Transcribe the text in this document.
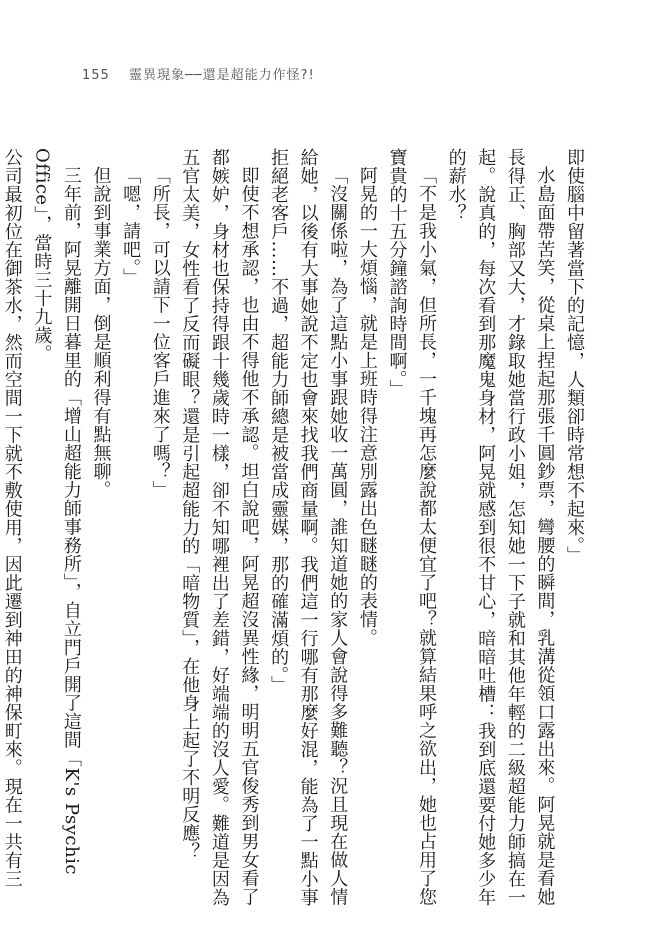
155 靈異現象──還是超能力作怪?!

即使腦中留著當下的記憶，人類卻時常想不起來。」

水島面帶苦笑，從桌上捏起那張千圓鈔票，彎腰的瞬間，乳溝從領口露出來。阿晃就是看她長得正、胸部又大，才錄取她當行政小姐，怎知她一下子就和其他年輕的二級超能力師搞在一起。說真的，每次看到那魔鬼身材，阿晃就感到很不甘心，暗暗吐槽：我到底還要付她多少年的薪水？

「不是我小氣，但所長，一千塊再怎麼說都太便宜了吧？就算結果呼之欲出，她也占用了您寶貴的十五分鐘諮詢時間啊。」

阿晃的一大煩惱，就是上班時得注意別露出色瞇瞇的表情。

「沒關係啦，為了這點小事跟她收一萬圓，誰知道她的家人會說得多難聽？況且現在做人情給她，以後有大事她說不定也會來找我們商量啊。我們這一行哪有那麼好混，能為了一點小事拒絕老客戶……不過，超能力師總是被當成靈媒，那的確滿煩的。」

即使不想承認，也由不得他不承認。坦白說吧，阿晃超沒異性緣，明明五官俊秀到男女看了都嫉妒，身材也保持得跟十幾歲時一樣，卻不知哪裡出了差錯，好端端的沒人愛。難道是因為五官太美，女性看了反而礙眼？還是引起超能力的「暗物質」，在他身上起了不明反應？

「所長，可以請下一位客戶進來了嗎？」

「嗯，請吧。」

但說到事業方面，倒是順利得有點無聊。

三年前，阿晃離開日暮里的「增山超能力師事務所」，自立門戶開了這間「K's Psychic Office」，當時三十九歲。

公司最初位在御茶水，然而空間一下就不敷使用，因此遷到神田的神保町來。現在一共有三
